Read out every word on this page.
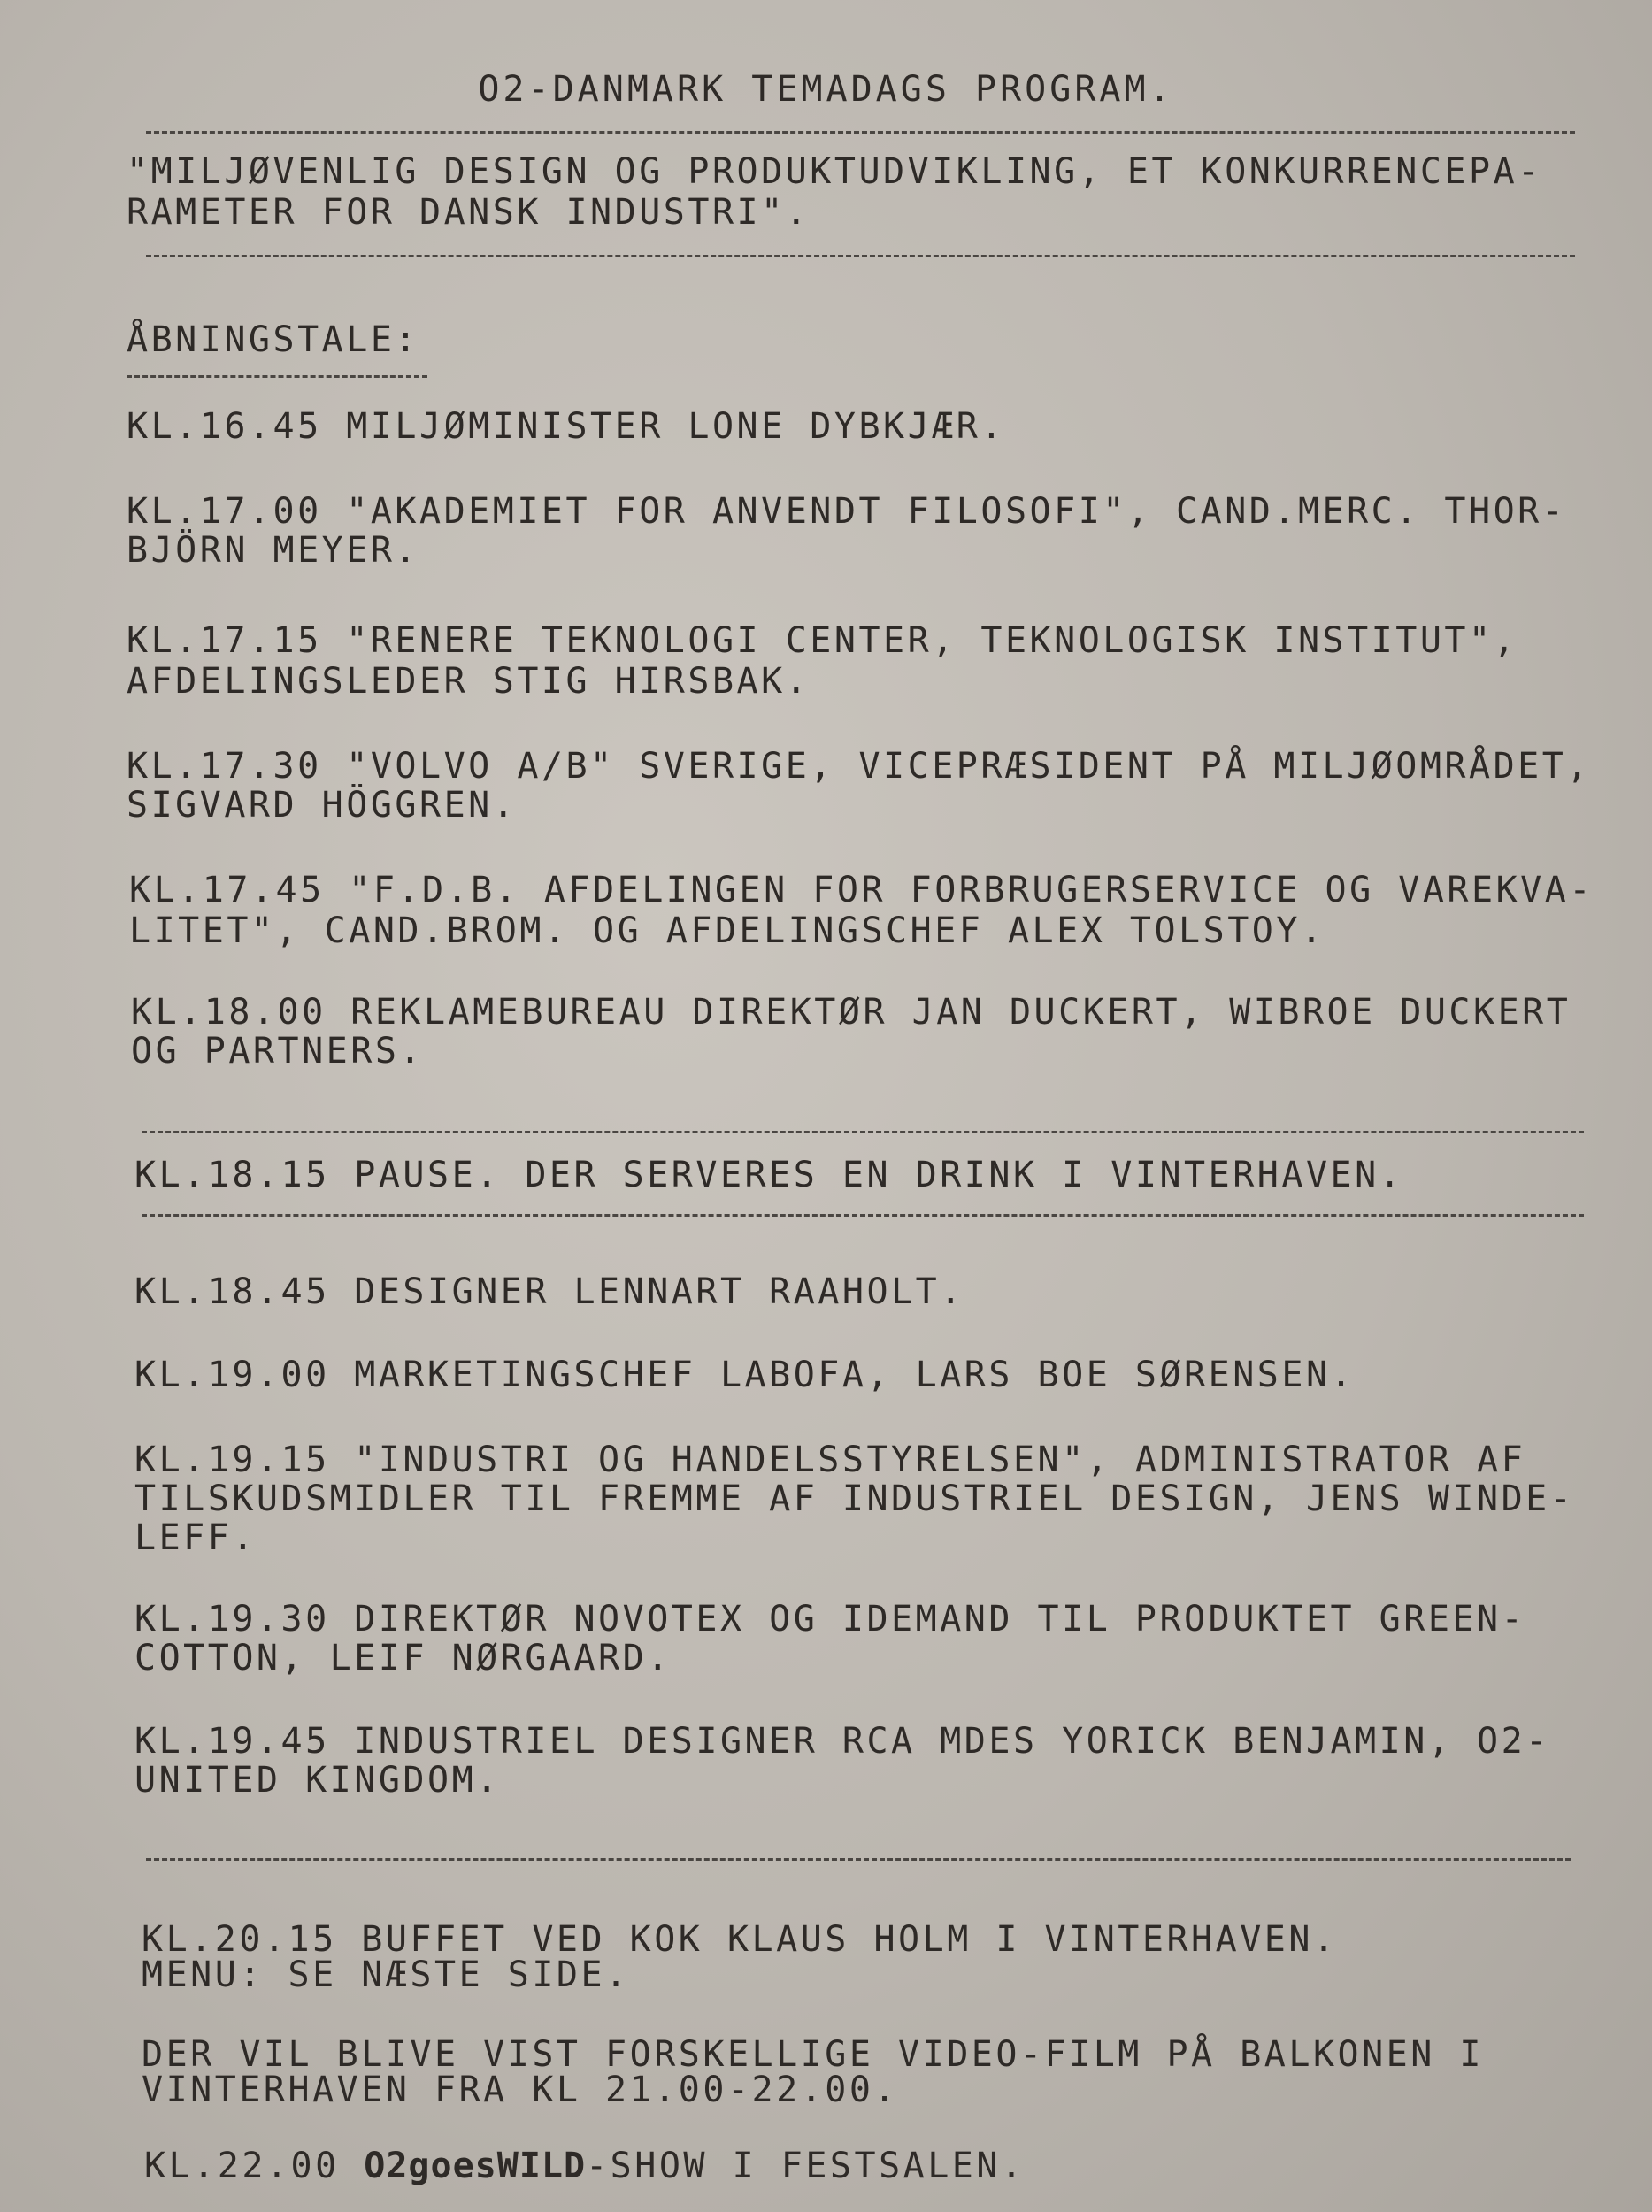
O2-DANMARK TEMADAGS PROGRAM.
"MILJØVENLIG DESIGN OG PRODUKTUDVIKLING, ET KONKURRENCEPA-
RAMETER FOR DANSK INDUSTRI".
ÅBNINGSTALE:
KL.16.45 MILJØMINISTER LONE DYBKJÆR.
KL.17.00 "AKADEMIET FOR ANVENDT FILOSOFI", CAND.MERC. THOR-
BJÖRN MEYER.
KL.17.15 "RENERE TEKNOLOGI CENTER, TEKNOLOGISK INSTITUT",
AFDELINGSLEDER STIG HIRSBAK.
KL.17.30 "VOLVO A/B" SVERIGE, VICEPRÆSIDENT PÅ MILJØOMRÅDET,
SIGVARD HÖGGREN.
KL.17.45 "F.D.B. AFDELINGEN FOR FORBRUGERSERVICE OG VAREKVA-
LITET", CAND.BROM. OG AFDELINGSCHEF ALEX TOLSTOY.
KL.18.00 REKLAMEBUREAU DIREKTØR JAN DUCKERT, WIBROE DUCKERT
OG PARTNERS.
KL.18.15 PAUSE. DER SERVERES EN DRINK I VINTERHAVEN.
KL.18.45 DESIGNER LENNART RAAHOLT.
KL.19.00 MARKETINGSCHEF LABOFA, LARS BOE SØRENSEN.
KL.19.15 "INDUSTRI OG HANDELSSTYRELSEN", ADMINISTRATOR AF
TILSKUDSMIDLER TIL FREMME AF INDUSTRIEL DESIGN, JENS WINDE-
LEFF.
KL.19.30 DIREKTØR NOVOTEX OG IDEMAND TIL PRODUKTET GREEN-
COTTON, LEIF NØRGAARD.
KL.19.45 INDUSTRIEL DESIGNER RCA MDES YORICK BENJAMIN, O2-
UNITED KINGDOM.
KL.20.15 BUFFET VED KOK KLAUS HOLM I VINTERHAVEN.
MENU: SE NÆSTE SIDE.
DER VIL BLIVE VIST FORSKELLIGE VIDEO-FILM PÅ BALKONEN I
VINTERHAVEN FRA KL 21.00-22.00.
KL.22.00 O2goesWILD-SHOW I FESTSALEN.
